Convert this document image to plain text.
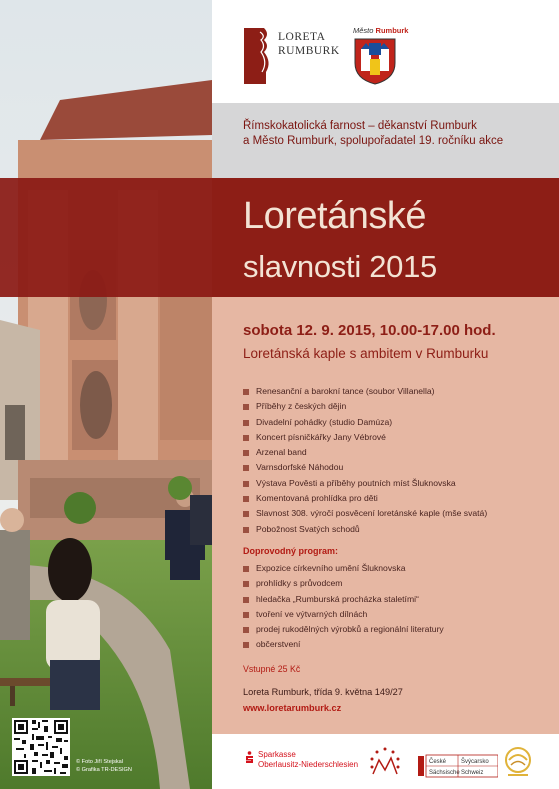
LORETA
RUMBURK
Město Rumburk
Římskokatolická farnost – děkanství Rumburk
a Město Rumburk, spolupořadatel 19. ročníku akce
Loretánské
slavnosti 2015
sobota 12. 9. 2015, 10.00-17.00 hod.
Loretánská kaple s ambitem v Rumburku
Renesanční a barokní tance (soubor Villanella)
Příběhy z českých dějin
Divadelní pohádky (studio Damúza)
Koncert písničkářky Jany Vébrové
Arzenal band
Varnsdorfské Náhodou
Výstava Pověsti a příběhy poutních míst Šluknovska
Komentovaná prohlídka pro děti
Slavnost 308. výročí posvěcení loretánské kaple (mše svatá)
Pobožnost Svatých schodů
Doprovodný program:
Expozice církevního umění Šluknovska
prohlídky s průvodcem
hledačka „Rumburská procházka staletími“
tvoření ve výtvarných dílnách
prodej rukodělných výrobků a regionální literatury
občerstvení
Vstupné 25 Kč
Loreta Rumburk, třída 9. května 149/27
www.loretarumburk.cz
© Foto Jiří Stejskal
© Grafika TR-DESIGN
Sparkasse
Oberlausitz-Niederschlesien	České Švýcarsko
Sächsische Schweiz
